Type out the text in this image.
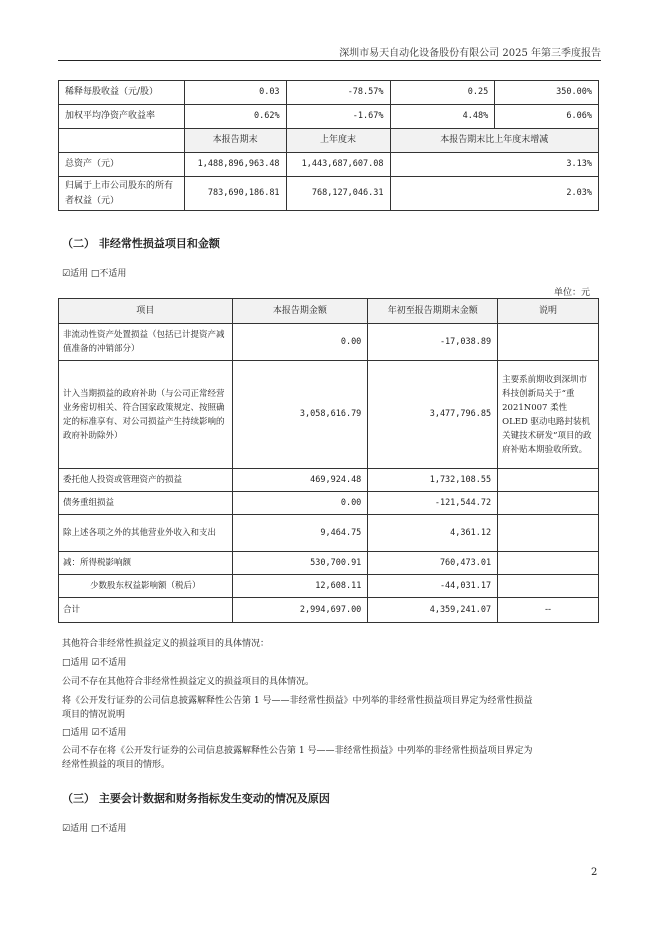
深圳市易天自动化设备股份有限公司 2025 年第三季度报告
稀释每股收益（元/股）	0.03	-78.57%	0.25	350.00%
加权平均净资产收益率	0.62%	-1.67%	4.48%	6.06%
	本报告期末	上年度末	本报告期末比上年度末增减	
总资产（元）	1,488,896,963.48	1,443,687,607.08	3.13%	
归属于上市公司股东的所有者权益（元）	783,690,186.81	768,127,046.31	2.03%	
（二） 非经常性损益项目和金额
☑适用 □不适用
单位：元
项目	本报告期金额	年初至报告期期末金额	说明
非流动性资产处置损益（包括已计提资产减值准备的冲销部分）	0.00	-17,038.89	
计入当期损益的政府补助（与公司正常经营业务密切相关、符合国家政策规定、按照确定的标准享有、对公司损益产生持续影响的政府补助除外）	3,058,616.79	3,477,796.85	主要系前期收到深圳市科技创新局关于“重 2021N007 柔性 OLED 驱动电路封装机关键技术研发”项目的政府补贴本期验收所致。
委托他人投资或管理资产的损益	469,924.48	1,732,108.55	
债务重组损益	0.00	-121,544.72	
除上述各项之外的其他营业外收入和支出	9,464.75	4,361.12	
减：所得税影响额	530,700.91	760,473.01	
少数股东权益影响额（税后）	12,608.11	-44,031.17	
合计	2,994,697.00	4,359,241.07	--
其他符合非经常性损益定义的损益项目的具体情况：
□适用 ☑不适用
公司不存在其他符合非经常性损益定义的损益项目的具体情况。
将《公开发行证券的公司信息披露解释性公告第 1 号——非经常性损益》中列举的非经常性损益项目界定为经常性损益
项目的情况说明
□适用 ☑不适用
公司不存在将《公开发行证券的公司信息披露解释性公告第 1 号——非经常性损益》中列举的非经常性损益项目界定为
经常性损益的项目的情形。
（三） 主要会计数据和财务指标发生变动的情况及原因
☑适用 □不适用
2
